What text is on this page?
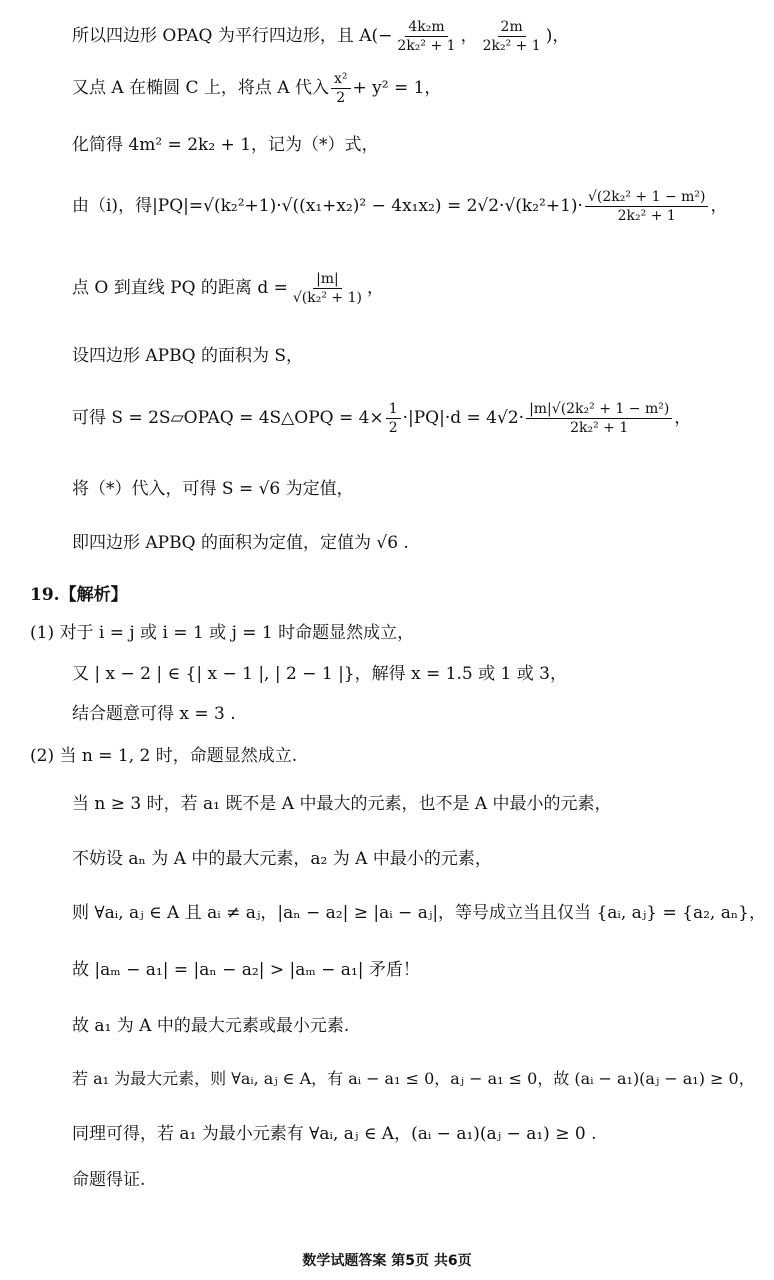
所以四边形 OPAQ 为平行四边形，且 $A(- \frac{\text{4k₂m}}{\text{2k₂² + 1}}$ ， $\frac{2m}{\text{2k₂² + 1}}$ )，
又点 A 在椭圆 C 上，将点 A 代入 $\frac{\text{x²}}{2} + y^2 = 1$，
化简得 4m² = 2k₂ + 1，记为（*）式，
由（i)，得$|PQ|=√(k_2^2+1)\cdot√((x_1+x_2)^2 - 4x_1x_2) = 2√2\cdot√(k_2^2+1)\cdot \frac{\text{√(2k₂² + 1 − m²)}}{\text{2k₂² + 1}}$ ，
点 O 到直线 PQ 的距离 $d = \frac{|m|}{\text{√(k₂² + 1)}}$ ，
设四边形 APBQ 的面积为 S，
可得 S = 2S▱OPAQ = 4S△OPQ = $4\times \frac{1}{2} \cdot|PQ|\cdot d = 4√2\cdot \frac{\text{|m|√(2k₂² + 1 − m²)}}{\text{2k₂² + 1}}$ ，
将（*）代入，可得 S = √6 为定值，
即四边形 APBQ 的面积为定值，定值为 √6 .
19.【解析】
(1) 对于 i = j 或 i = 1 或 j = 1 时命题显然成立，
又 | x − 2 | ∈ {| x − 1 |, | 2 − 1 |}，解得 x = 1.5 或 1 或 3，
结合题意可得 x = 3 .
(2) 当 n = 1, 2 时，命题显然成立.
当 n ≥ 3 时，若 a₁ 既不是 A 中最大的元素，也不是 A 中最小的元素，
不妨设 aₙ 为 A 中的最大元素，a₂ 为 A 中最小的元素，
则 ∀aᵢ, aⱼ ∈ A 且 aᵢ ≠ aⱼ，|aₙ − a₂| ≥ |aᵢ − aⱼ|，等号成立当且仅当 {aᵢ, aⱼ} = {a₂, aₙ}，
故 |aₘ − a₁| = |aₙ − a₂| > |aₘ − a₁| 矛盾！
故 a₁ 为 A 中的最大元素或最小元素.
若 a₁ 为最大元素，则 ∀aᵢ, aⱼ ∈ A，有 aᵢ − a₁ ≤ 0，aⱼ − a₁ ≤ 0，故 (aᵢ − a₁)(aⱼ − a₁) ≥ 0，
同理可得，若 a₁ 为最小元素有 ∀aᵢ, aⱼ ∈ A，(aᵢ − a₁)(aⱼ − a₁) ≥ 0 .
命题得证.
数学试题答案 第5页 共6页
